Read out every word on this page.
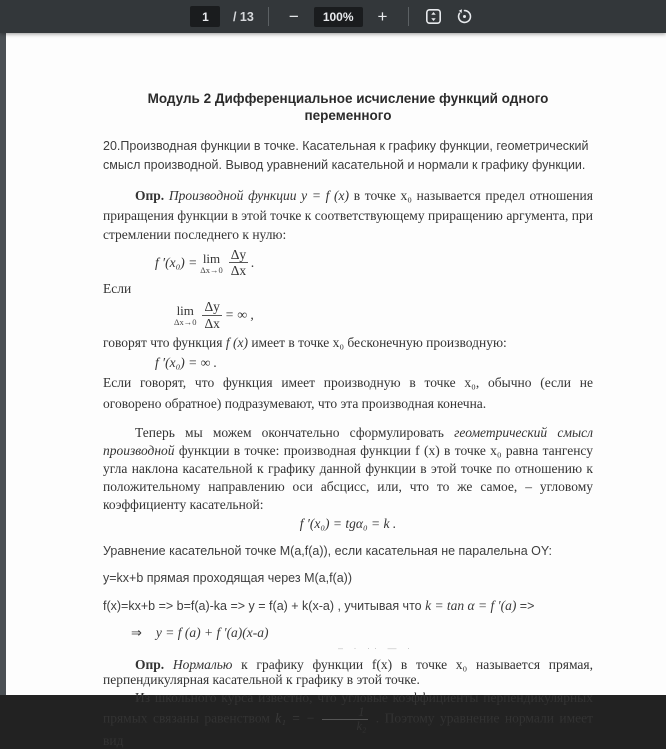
1
/ 13	−	100%	+
Модуль 2 Дифференциальное исчисление функций одного переменного

20.Производная функции в точке. Касательная к графику функции, геометрический смысл производной. Вывод уравнений касательной и нормали к графику функции.

Опр. Производной функции y = f (x) в точке x₀ называется предел отношения приращения функции в этой точке к соответствующему приращению аргумента, при стремлении последнего к нулю:

f ′(x₀) = lim
$\Delta x\to 0 \frac{\Delta y}{\Delta x}$ .

Если

lim
$\Delta x\to 0 \frac{\Delta y}{\Delta x}$ = ∞ ,

говорят что функция f (x) имеет в точке x₀ бесконечную производную:

f ′(x₀) = ∞ .

Если говорят, что функция имеет производную в точке x₀, обычно (если не оговорено обратное) подразумевают, что эта производная конечна.

Теперь мы можем окончательно сформулировать геометрический смысл производной функции в точке: производная функции f (x) в точке x₀ равна тангенсу угла наклона касательной к графику данной функции в этой точке по отношению к положительному направлению оси абсцисс, или, что то же самое, – угловому коэффициенту касательной:

f ′(x₀) = tgα₀ = k .

Уравнение касательной точке M(a,f(a)), если касательная не паралельна OY:

y=kx+b прямая проходящая через M(a,f(a))

f(x)=kx+b => b=f(a)-ka => y = f(a) + k(x-a) , учитывая что k = tan α = f ′(a) =>

⇒ y = f (a) + f ′(a)(x-a)

– · ·· — ·

Опр. Нормалью к графику функции f(x) в точке x₀ называется прямая, перпендикулярная касательной к графику в этой точке.

Из школьного курса известно, что угловые коэффициенты перпендикулярных прямых связаны равенством k₁ = − $\frac{1}{\text{k₂}}$ . Поэтому уравнение нормали имеет вид
